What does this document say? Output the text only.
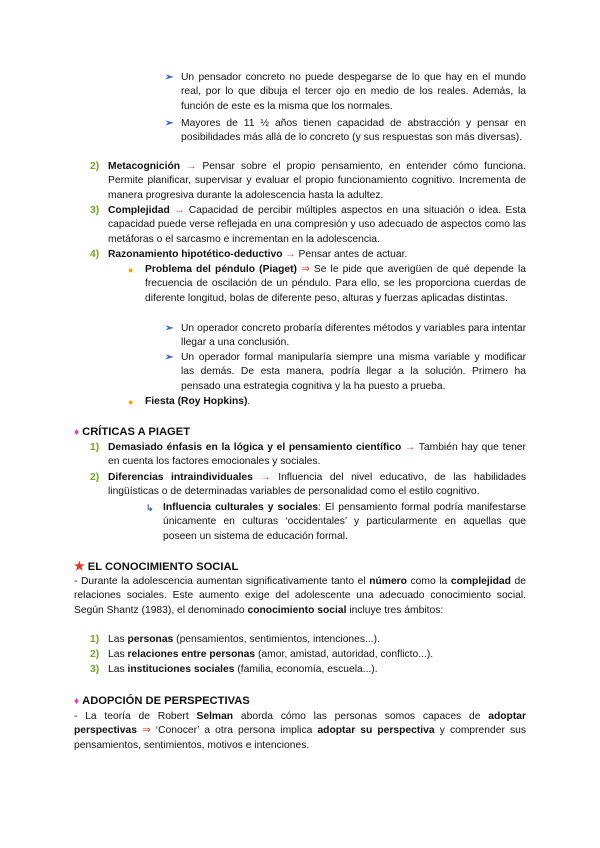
➢ Un pensador concreto no puede despegarse de lo que hay en el mundo real, por lo que dibuja el tercer ojo en medio de los reales. Además, la función de este es la misma que los normales.
➢ Mayores de 11 ½ años tienen capacidad de abstracción y pensar en posibilidades más allá de lo concreto (y sus respuestas son más diversas).
2) Metacognición → Pensar sobre el propio pensamiento, en entender cómo funciona. Permite planificar, supervisar y evaluar el propio funcionamiento cognitivo. Incrementa de manera progresiva durante la adolescencia hasta la adultez.
3) Complejidad → Capacidad de percibir múltiples aspectos en una situación o idea. Esta capacidad puede verse reflejada en una compresión y uso adecuado de aspectos como las metáforas o el sarcasmo e incrementan en la adolescencia.
4) Razonamiento hipotético-deductivo → Pensar antes de actuar.
● Problema del péndulo (Piaget) ⇒ Se le pide que averigüen de qué depende la frecuencia de oscilación de un péndulo. Para ello, se les proporciona cuerdas de diferente longitud, bolas de diferente peso, alturas y fuerzas aplicadas distintas.
➢ Un operador concreto probaría diferentes métodos y variables para intentar llegar a una conclusión.
➢ Un operador formal manipularía siempre una misma variable y modificar las demás. De esta manera, podría llegar a la solución. Primero ha pensado una estrategia cognitiva y la ha puesto a prueba.
● Fiesta (Roy Hopkins).
♦ CRÍTICAS A PIAGET
1) Demasiado énfasis en la lógica y el pensamiento científico → También hay que tener en cuenta los factores emocionales y sociales.
2) Diferencias intraindividuales → Influencia del nivel educativo, de las habilidades lingüísticas o de determinadas variables de personalidad como el estilo cognitivo.
↳ Influencia culturales y sociales: El pensamiento formal podría manifestarse únicamente en culturas ‘occidentales’ y particularmente en aquellas que poseen un sistema de educación formal.
★ EL CONOCIMIENTO SOCIAL
- Durante la adolescencia aumentan significativamente tanto el número como la complejidad de relaciones sociales. Este aumento exige del adolescente una adecuado conocimiento social. Según Shantz (1983), el denominado conocimiento social incluye tres ámbitos:
1) Las personas (pensamientos, sentimientos, intenciones...).
2) Las relaciones entre personas (amor, amistad, autoridad, conflicto...).
3) Las instituciones sociales (familia, economía, escuela...).
♦ ADOPCIÓN DE PERSPECTIVAS
- La teoría de Robert Selman aborda cómo las personas somos capaces de adoptar perspectivas ⇒ ‘Conocer’ a otra persona implica adoptar su perspectiva y comprender sus pensamientos, sentimientos, motivos e intenciones.
